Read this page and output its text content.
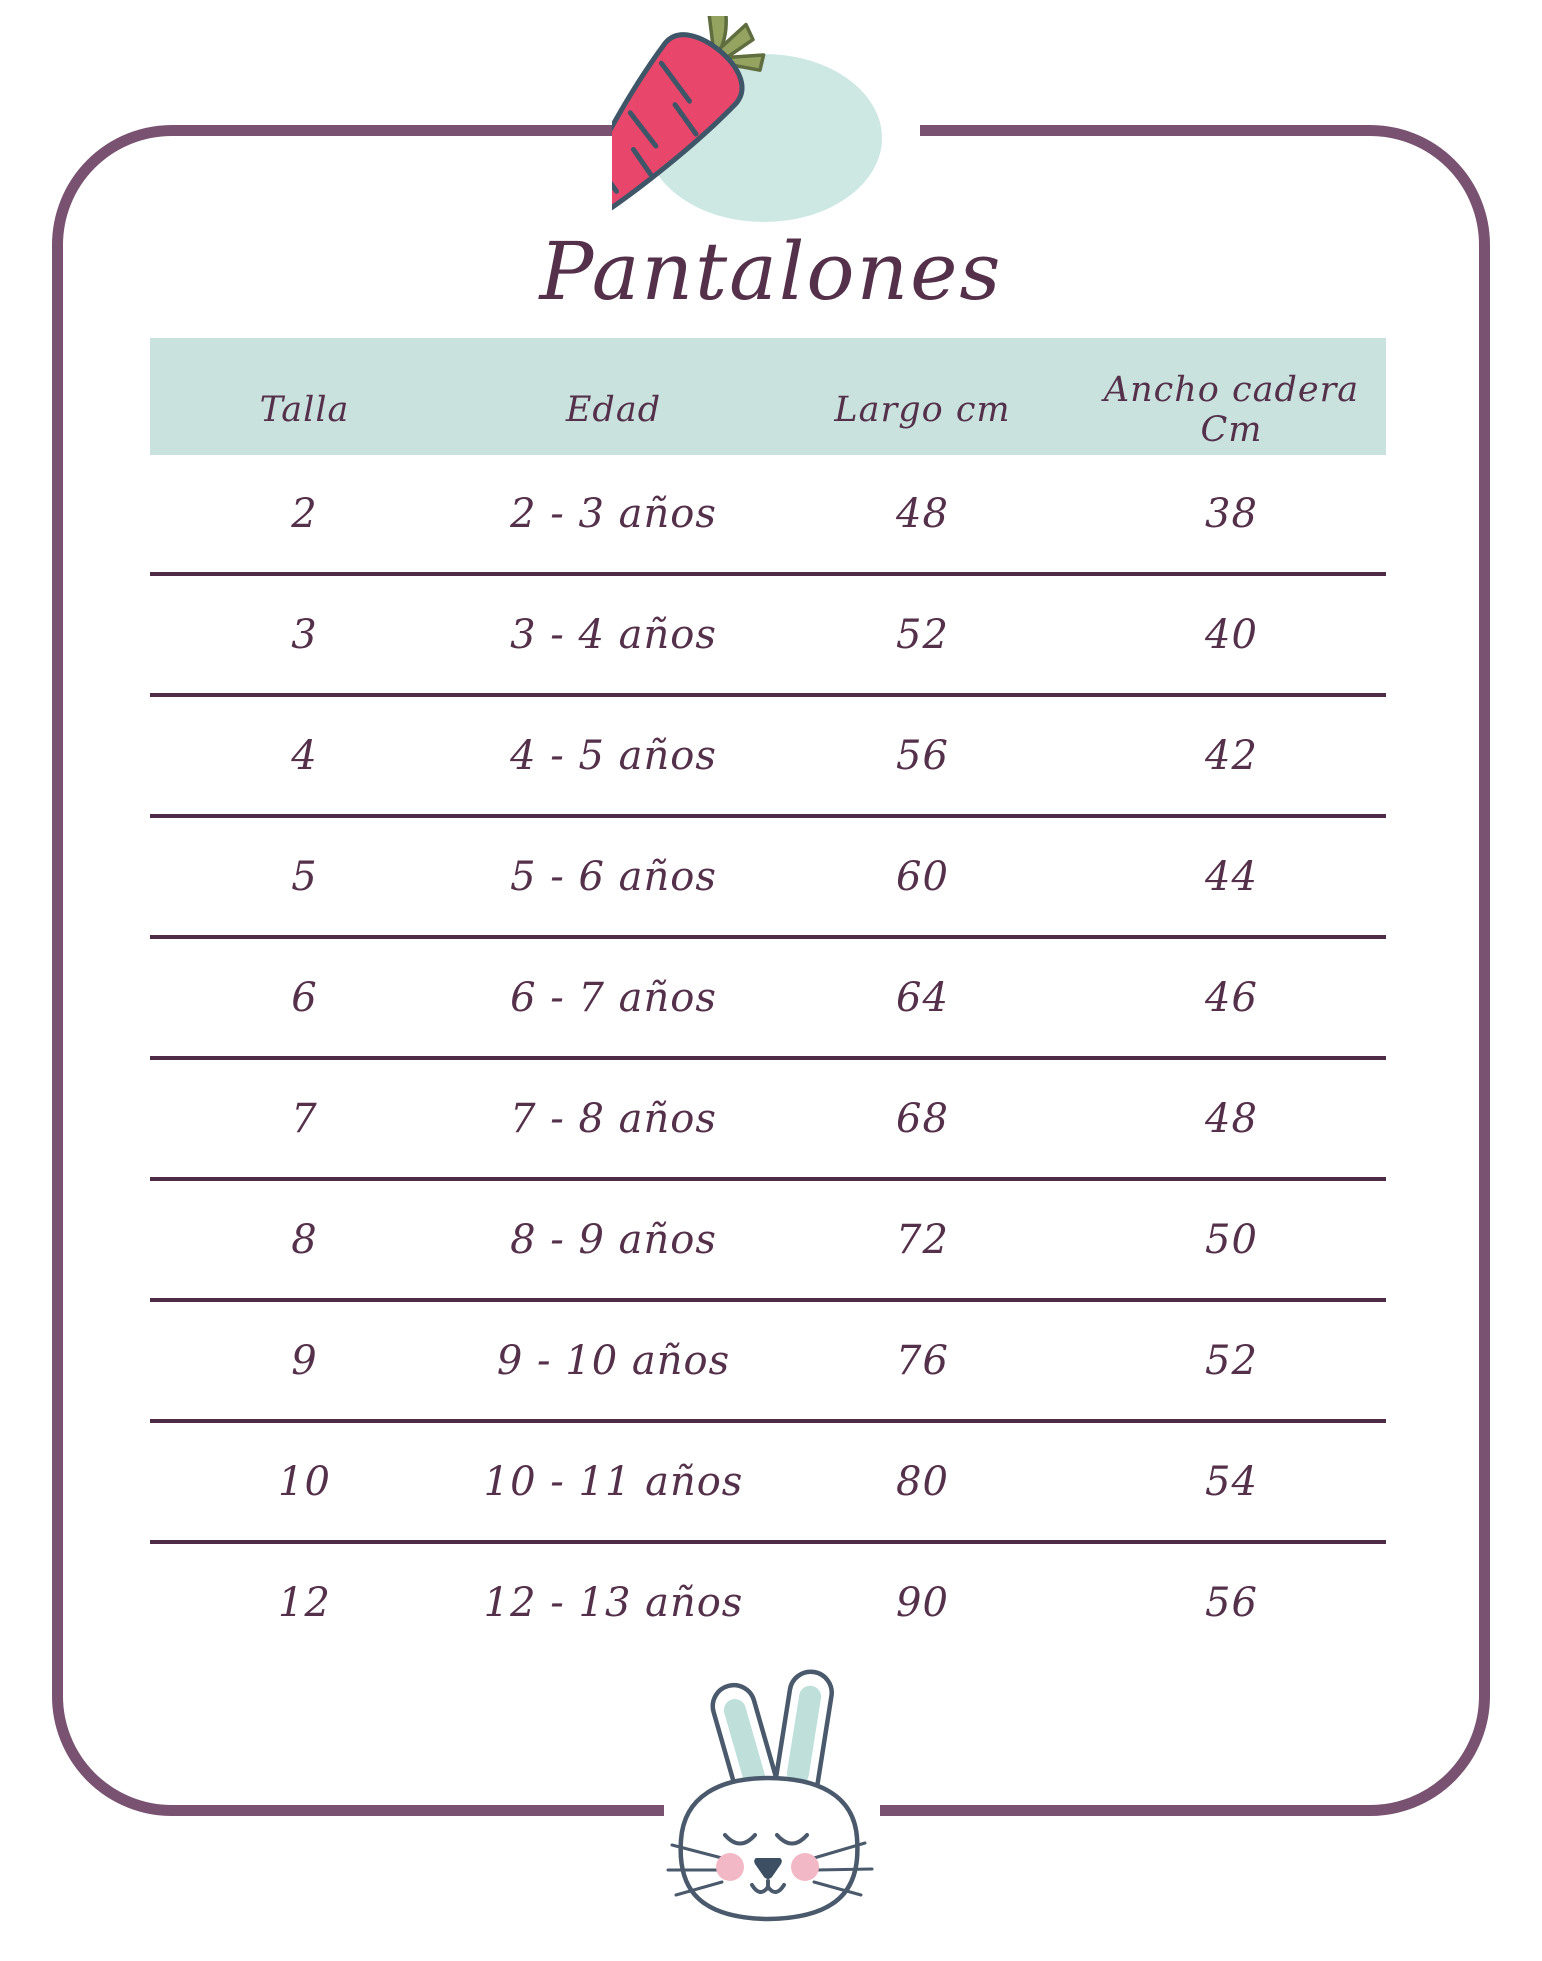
Pantalones
Talla	Edad	Largo cm	Ancho cadera Cm
2	2 - 3 años	48	38
3	3 - 4 años	52	40
4	4 - 5 años	56	42
5	5 - 6 años	60	44
6	6 - 7 años	64	46
7	7 - 8 años	68	48
8	8 - 9 años	72	50
9	9 - 10 años	76	52
10	10 - 11 años	80	54
12	12 - 13 años	90	56
